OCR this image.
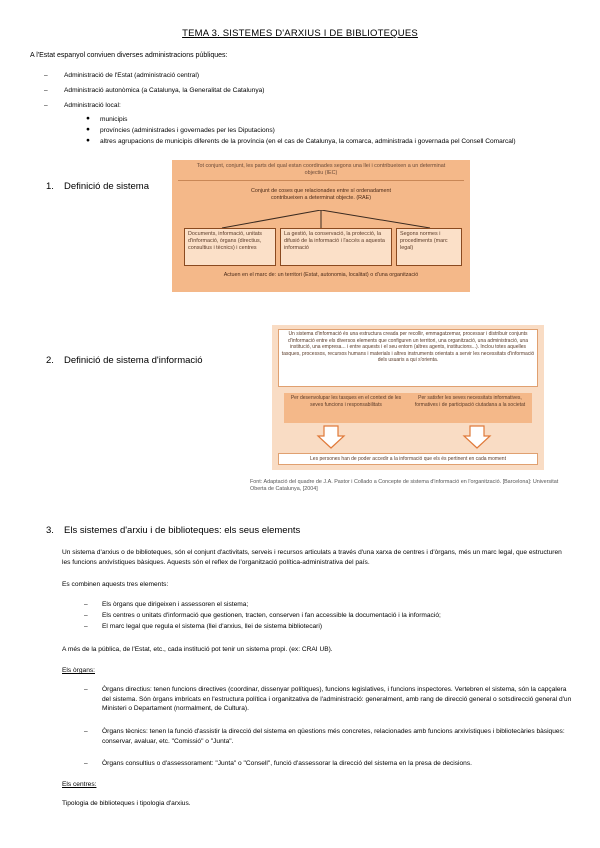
TEMA 3. SISTEMES D'ARXIUS I DE BIBLIOTEQUES
A l'Estat espanyol conviuen diverses administracions públiques:
– Administració de l'Estat (administració central)
– Administració autonòmica (a Catalunya, la Generalitat de Catalunya)
– Administració local:
● municipis
● províncies (administrades i governades per les Diputacions)
● altres agrupacions de municipis diferents de la província (en el cas de Catalunya, la comarca, administrada i governada pel Consell Comarcal)
1. Definició de sistema
Tot conjunt, conjunt, les parts del qual estan coordinades segons una llei i contribueixen a un determinat objectiu (IEC)
Conjunt de coses que relacionades entre sí ordenadament contribueixen a determinat objecte. (RAE)
Documents, informació, unitats d'informació, òrgans (directius, consultius i tècnics) i centres
La gestió, la conservació, la protecció, la difusió de la informació i l'accés a aquesta informació
Segons normes i procediments (marc legal)
Actuen en el marc de: un territori (Estat, autonomia, localitat) o d'una organització
2. Definició de sistema d'informació
Un sistema d'informació és una estructura creada per recollir, emmagatzemar, processar i distribuir conjunts d'informació entre els diversos elements que configuren un territori, una organització, una administració, una institució, una empresa... i entre aquests i el seu entorn (altres agents, institucions...). Inclou totes aquelles tasques, processos, recursos humans i materials i altres instruments orientats a servir les necessitats d'informació dels usuaris a qui s'orienta.
Per desenvolupar les tasques en el context de les seves funcions i responsabilitats
Per satisfer les seves necessitats informatives, formatives i de participació ciutadana a la societat
Les persones han de poder accedir a la informació que els és pertinent en cada moment
Font: Adaptació del quadre de J.A. Pastor i Collado a Concepte de sistema d'informació en l'organització. [Barcelona]: Universitat Oberta de Catalunya, [2004]
3. Els sistemes d'arxiu i de biblioteques: els seus elements
Un sistema d'arxius o de biblioteques, són el conjunt d'activitats, serveis i recursos articulats a través d'una xarxa de centres i d'òrgans, més un marc legal, que estructuren les funcions arxivístiques bàsiques. Aquests són el reflex de l'organització política-administrativa del país.
Es combinen aquests tres elements:
– Els òrgans que dirigeixen i assessoren el sistema;
– Els centres o unitats d'informació que gestionen, tracten, conserven i fan accessible la documentació i la informació;
– El marc legal que regula el sistema (llei d'arxius, llei de sistema bibliotecari)
A més de la pública, de l'Estat, etc., cada institució pot tenir un sistema propi. (ex: CRAI UB).
Els òrgans:
– Òrgans directius: tenen funcions directives (coordinar, dissenyar polítiques), funcions legislatives, i funcions inspectores. Vertebren el sistema, són la capçalera del sistema. Són òrgans imbricats en l'estructura política i organitzativa de l'administració: generalment, amb rang de direcció general o sotsdirecció general d'un Ministeri o Departament (normalment, de Cultura).
– Òrgans tècnics: tenen la funció d'assistir la direcció del sistema en qüestions més concretes, relacionades amb funcions arxivístiques i bibliotecàries bàsiques: conservar, avaluar, etc. "Comissió" o "Junta".
– Òrgans consultius o d'assessorament: "Junta" o "Consell", funció d'assessorar la direcció del sistema en la presa de decisions.
Els centres:
Tipologia de biblioteques i tipologia d'arxius.
